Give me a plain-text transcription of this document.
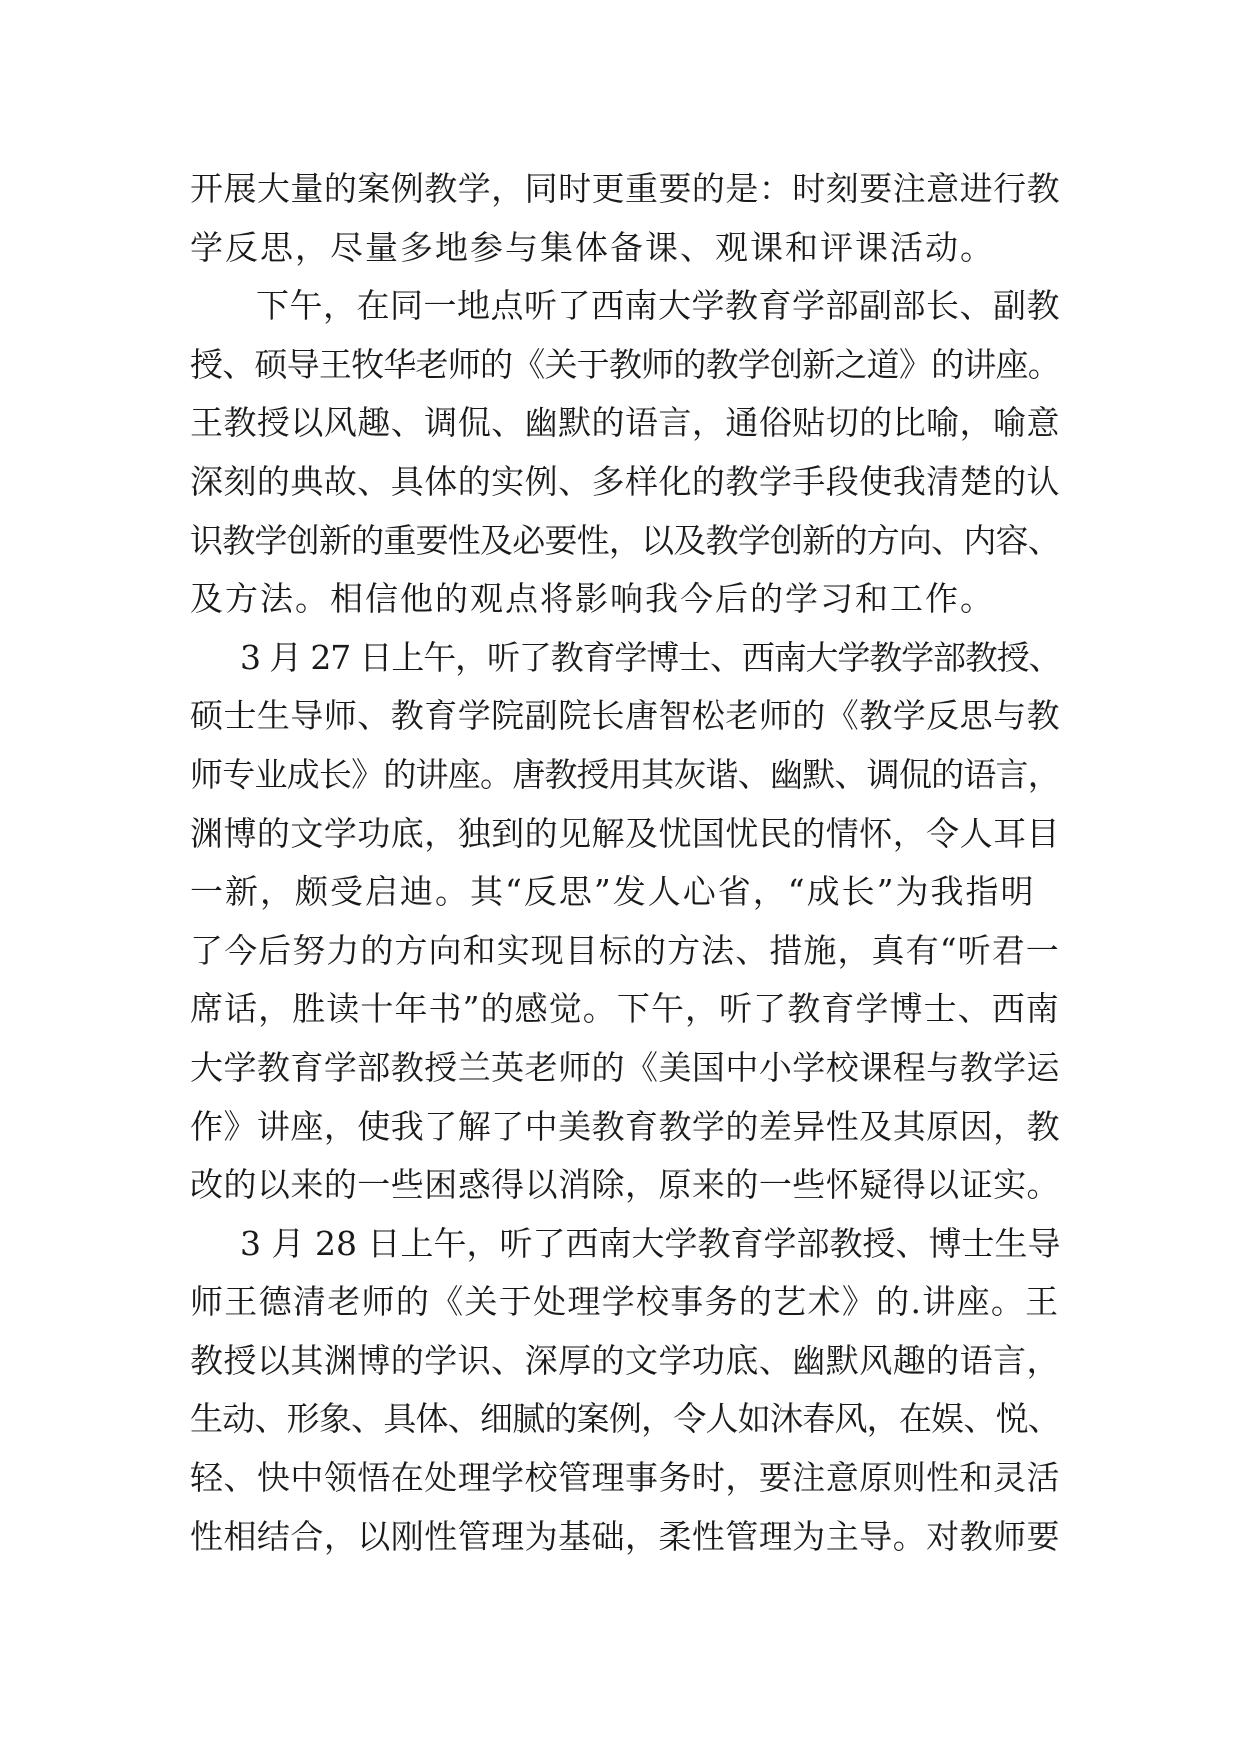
开展大量的案例教学，同时更重要的是：时刻要注意进行教
学反思，尽量多地参与集体备课、观课和评课活动。
下午，在同一地点听了西南大学教育学部副部长、副教
授、硕导王牧华老师的《关于教师的教学创新之道》的讲座。
王教授以风趣、调侃、幽默的语言，通俗贴切的比喻，喻意
深刻的典故、具体的实例、多样化的教学手段使我清楚的认
识教学创新的重要性及必要性，以及教学创新的方向、内容、
及方法。相信他的观点将影响我今后的学习和工作。
3 月 27 日上午，听了教育学博士、西南大学教学部教授、
硕士生导师、教育学院副院长唐智松老师的《教学反思与教
师专业成长》的讲座。唐教授用其灰谐、幽默、调侃的语言，
渊博的文学功底，独到的见解及忧国忧民的情怀，令人耳目
一新，颇受启迪。其“反思”发人心省，“成长”为我指明
了今后努力的方向和实现目标的方法、措施，真有“听君一
席话，胜读十年书”的感觉。下午，听了教育学博士、西南
大学教育学部教授兰英老师的《美国中小学校课程与教学运
作》讲座，使我了解了中美教育教学的差异性及其原因，教
改的以来的一些困惑得以消除，原来的一些怀疑得以证实。
3 月 28 日上午，听了西南大学教育学部教授、博士生导
师王德清老师的《关于处理学校事务的艺术》的.讲座。王
教授以其渊博的学识、深厚的文学功底、幽默风趣的语言，
生动、形象、具体、细腻的案例，令人如沐春风，在娱、悦、
轻、快中领悟在处理学校管理事务时，要注意原则性和灵活
性相结合，以刚性管理为基础，柔性管理为主导。对教师要
